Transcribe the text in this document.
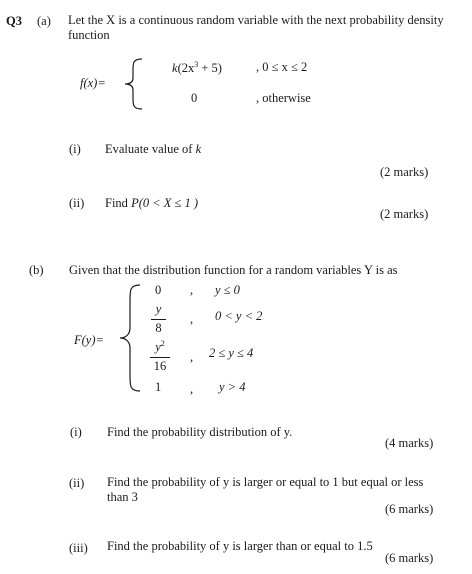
Q3 (a) Let the X is a continuous random variable with the next probability density
function
f(x)=
$k(2x^3 + 5)$	, 0 ≤ x ≤ 2
0	, otherwise
(i) Evaluate value of k
(2 marks)
(ii) Find P(0 < X ≤ 1 )
(2 marks)
(b) Given that the distribution function for a random variables Y is as
F(y)=
0 , y ≤ 0
$\frac{y}{8}$ , 0 < y < 2
$\frac{y^2}{16}$ , 2 ≤ y ≤ 4
1 , y > 4
(i) Find the probability distribution of y.
(4 marks)
(ii) Find the probability of y is larger or equal to 1 but equal or less
than 3
(6 marks)
(iii) Find the probability of y is larger than or equal to 1.5
(6 marks)
